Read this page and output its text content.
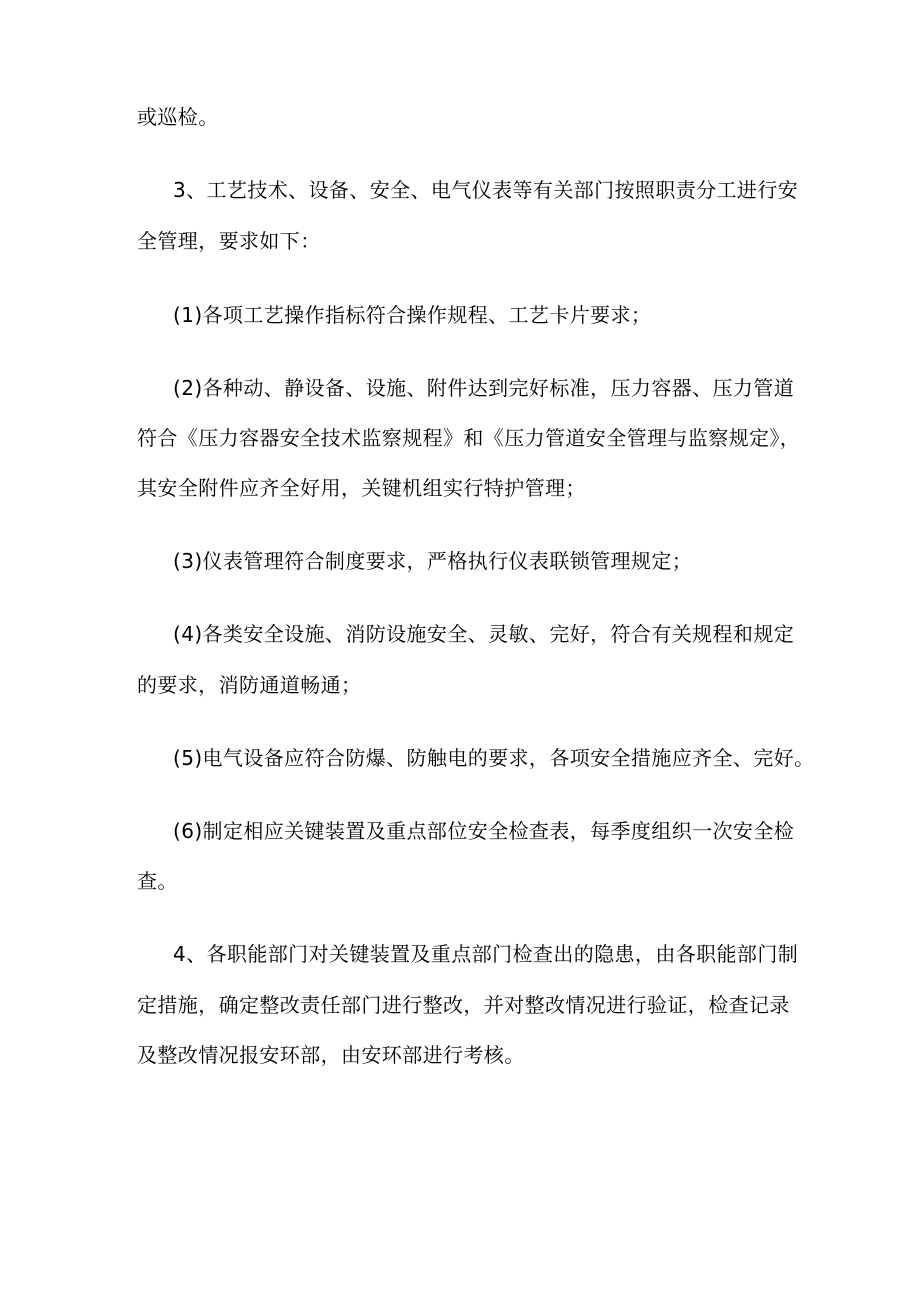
或巡检。
3、工艺技术、设备、安全、电气仪表等有关部门按照职责分工进行安
全管理，要求如下：
(1)各项工艺操作指标符合操作规程、工艺卡片要求；
(2)各种动、静设备、设施、附件达到完好标准，压力容器、压力管道
符合《压力容器安全技术监察规程》和《压力管道安全管理与监察规定》，
其安全附件应齐全好用，关键机组实行特护管理；
(3)仪表管理符合制度要求，严格执行仪表联锁管理规定；
(4)各类安全设施、消防设施安全、灵敏、完好，符合有关规程和规定
的要求，消防通道畅通；
(5)电气设备应符合防爆、防触电的要求，各项安全措施应齐全、完好。
(6)制定相应关键装置及重点部位安全检查表，每季度组织一次安全检
查。
4、各职能部门对关键装置及重点部门检查出的隐患，由各职能部门制
定措施，确定整改责任部门进行整改，并对整改情况进行验证，检查记录
及整改情况报安环部，由安环部进行考核。
